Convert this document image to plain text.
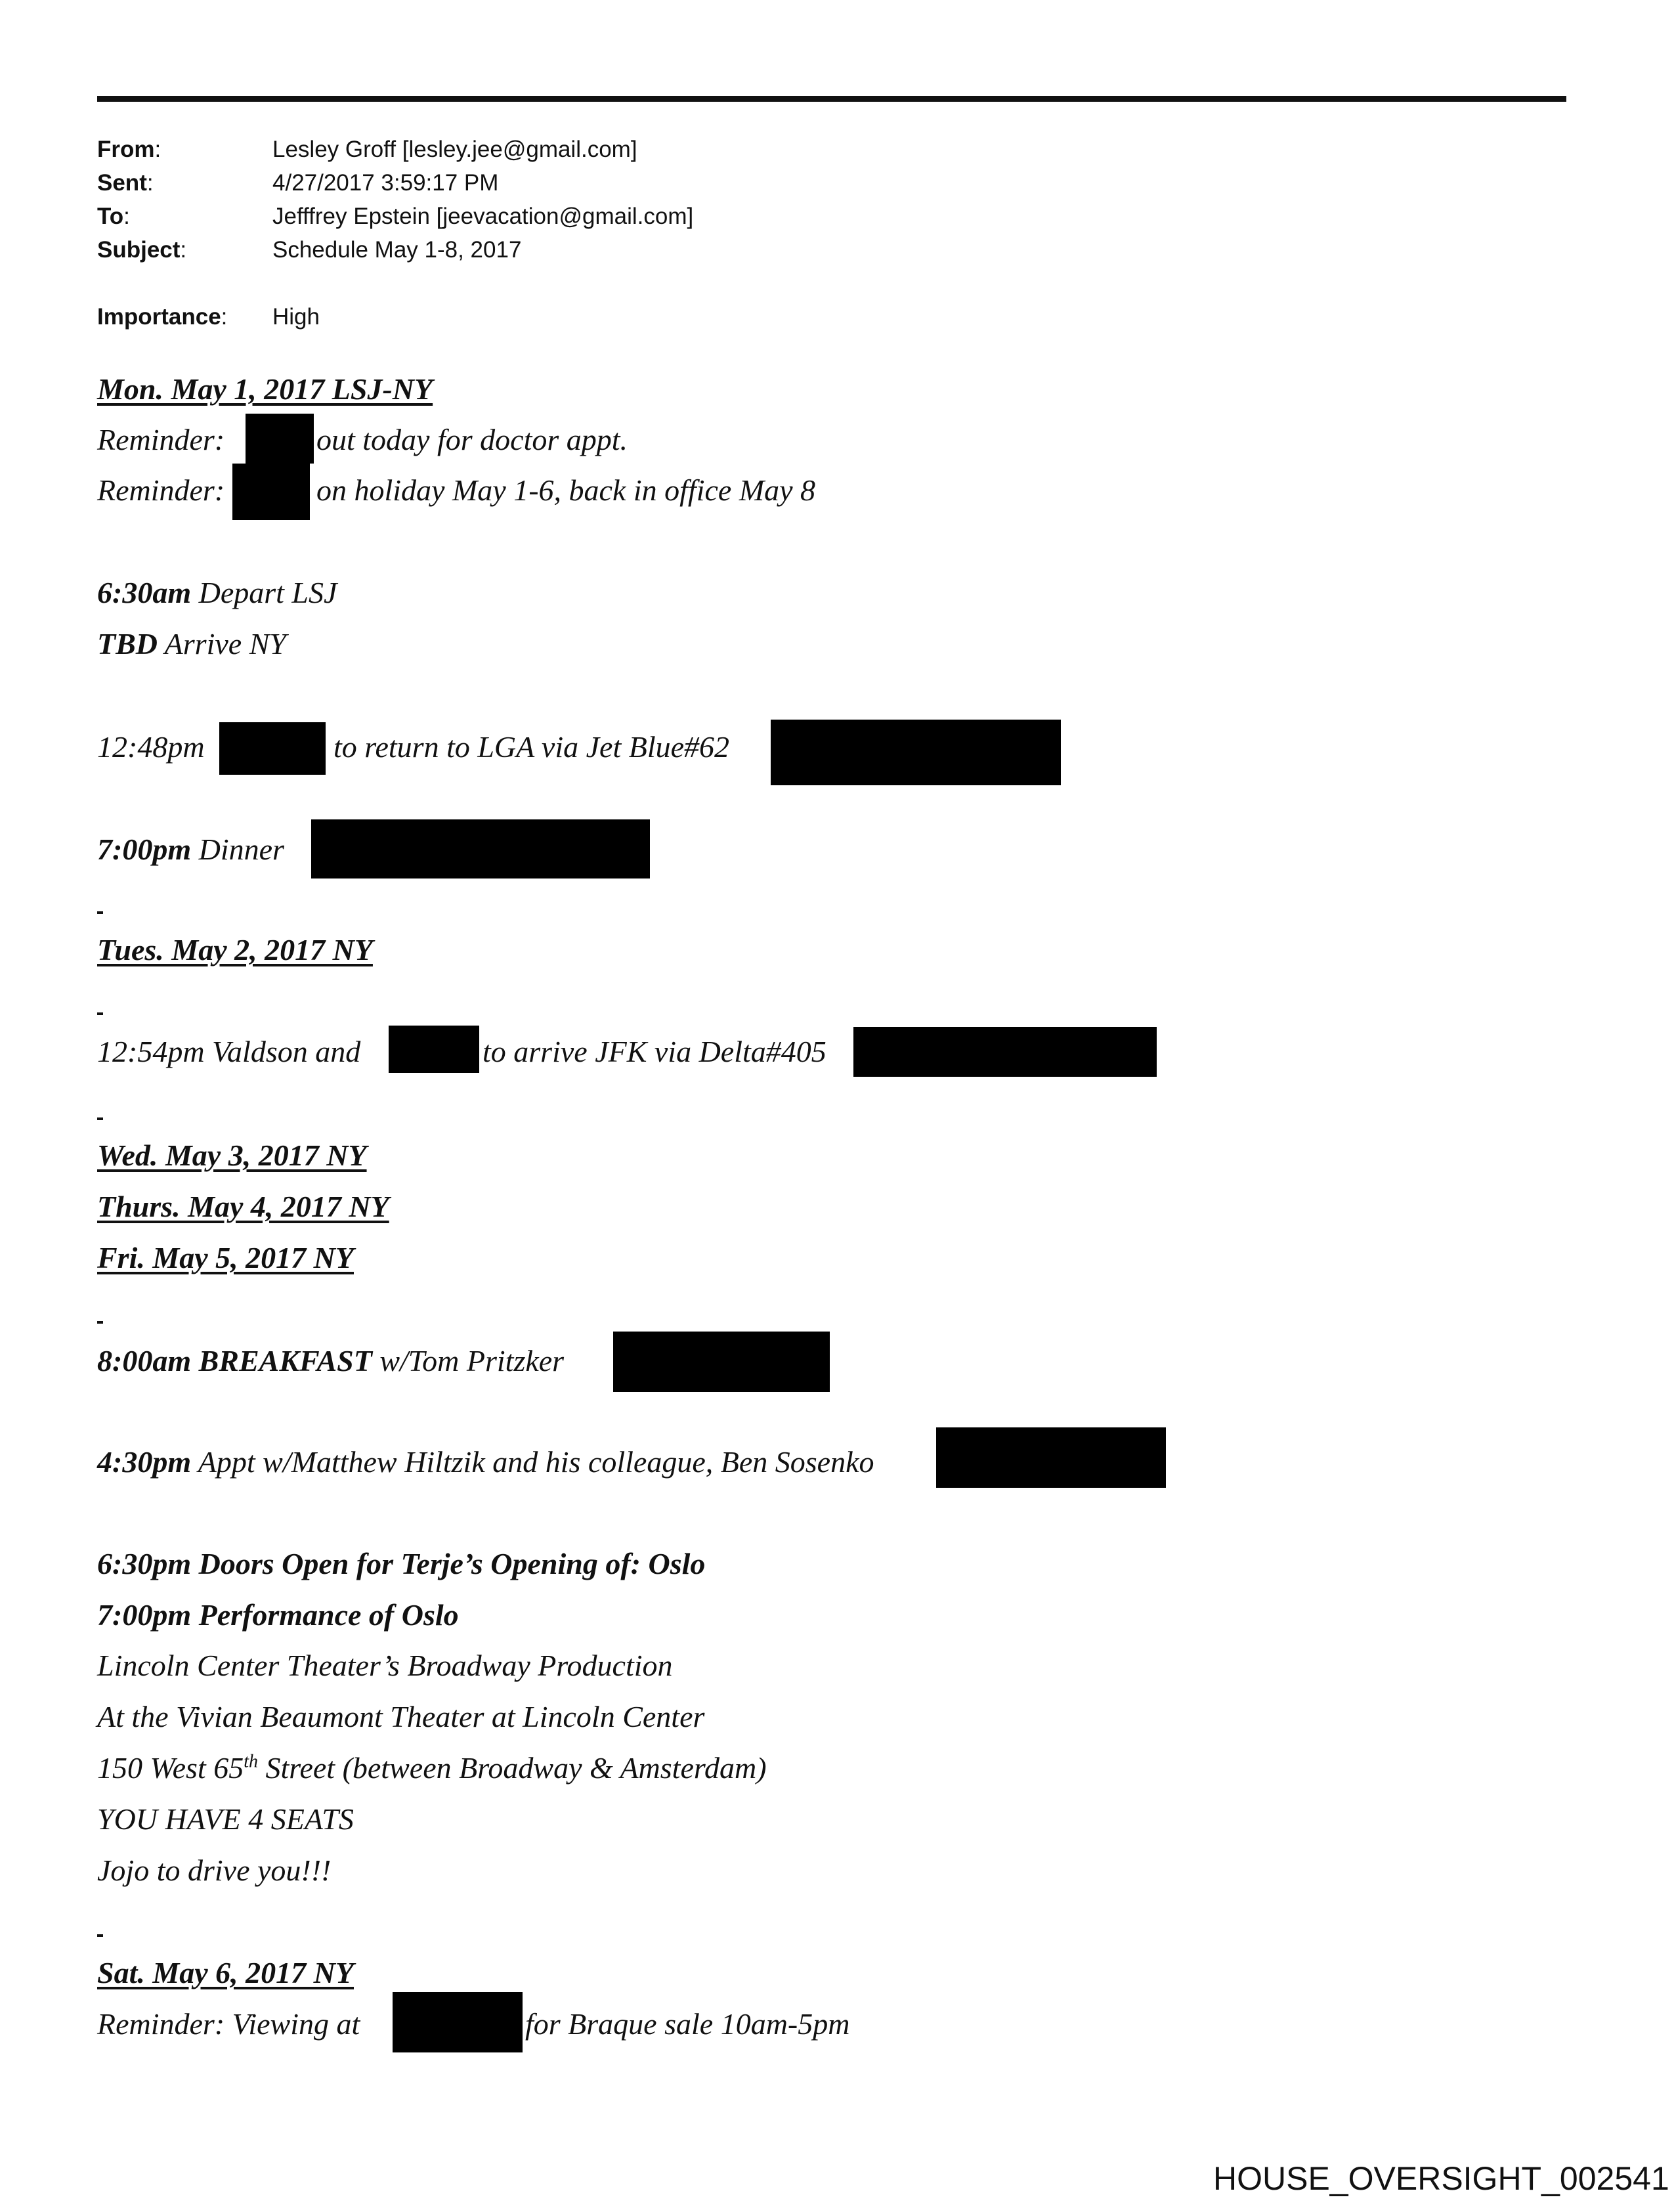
From:	Lesley Groff [lesley.jee@gmail.com]
Sent:	4/27/2017 3:59:17 PM
To:	Jefffrey Epstein [jeevacation@gmail.com]
Subject:	Schedule May 1-8, 2017
Importance: High
Mon. May 1, 2017 LSJ-NY
Reminder:	out today for doctor appt.
Reminder:	on holiday May 1-6, back in office May 8
6:30am Depart LSJ
TBD Arrive NY
12:48pm	to return to LGA via Jet Blue#62
7:00pm Dinner
Tues. May 2, 2017 NY
12:54pm Valdson and	to arrive JFK via Delta#405
Wed. May 3, 2017 NY
Thurs. May 4, 2017 NY
Fri. May 5, 2017 NY
8:00am BREAKFAST w/Tom Pritzker
4:30pm Appt w/Matthew Hiltzik and his colleague, Ben Sosenko
6:30pm Doors Open for Terje’s Opening of: Oslo
7:00pm Performance of Oslo
Lincoln Center Theater’s Broadway Production
At the Vivian Beaumont Theater at Lincoln Center
150 West 65th Street (between Broadway & Amsterdam)
YOU HAVE 4 SEATS
Jojo to drive you!!!
Sat. May 6, 2017 NY
Reminder: Viewing at	for Braque sale 10am-5pm
HOUSE_OVERSIGHT_002541
